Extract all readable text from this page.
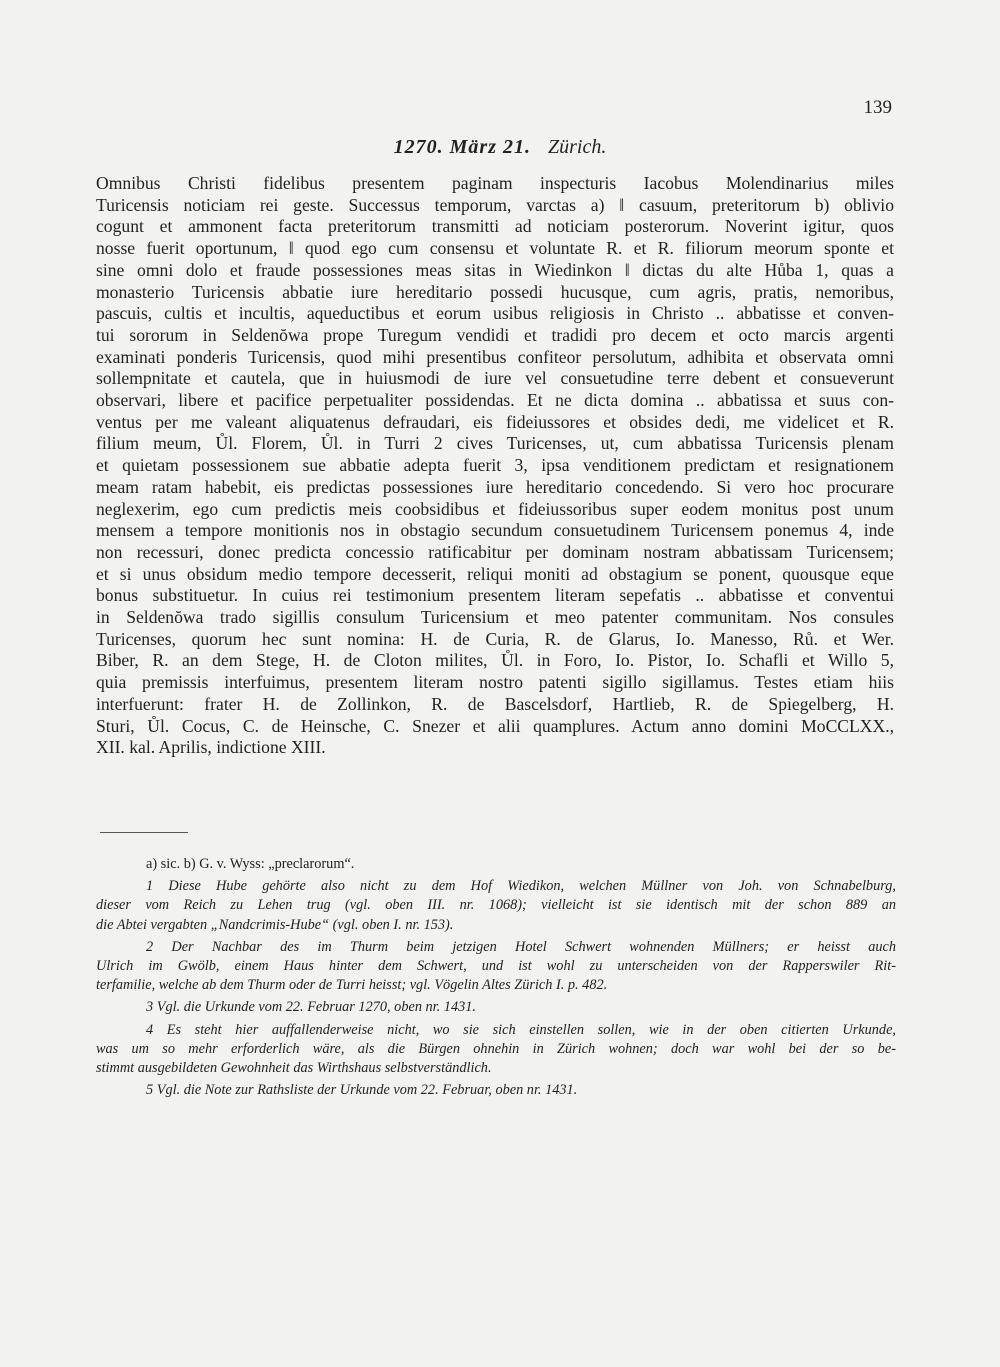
139
1270. März 21. Zürich.
Omnibus Christi fidelibus presentem paginam inspecturis Iacobus Molendinarius miles
Turicensis noticiam rei geste. Successus temporum, varctas a) ‖ casuum, preteritorum b) oblivio
cogunt et ammonent facta preteritorum transmitti ad noticiam posterorum. Noverint igitur, quos
nosse fuerit oportunum, ‖ quod ego cum consensu et voluntate R. et R. filiorum meorum sponte et
sine omni dolo et fraude possessiones meas sitas in Wiedinkon ‖ dictas du alte Hůba 1, quas a
monasterio Turicensis abbatie iure hereditario possedi hucusque, cum agris, pratis, nemoribus,
pascuis, cultis et incultis, aqueductibus et eorum usibus religiosis in Christo .. abbatisse et conven-
tui sororum in Seldenŏwa prope Turegum vendidi et tradidi pro decem et octo marcis argenti
examinati ponderis Turicensis, quod mihi presentibus confiteor persolutum, adhibita et observata omni
sollempnitate et cautela, que in huiusmodi de iure vel consuetudine terre debent et consueverunt
observari, libere et pacifice perpetualiter possidendas. Et ne dicta domina .. abbatissa et suus con-
ventus per me valeant aliquatenus defraudari, eis fideiussores et obsides dedi, me videlicet et R.
filium meum, Ůl. Florem, Ůl. in Turri 2 cives Turicenses, ut, cum abbatissa Turicensis plenam
et quietam possessionem sue abbatie adepta fuerit 3, ipsa venditionem predictam et resignationem
meam ratam habebit, eis predictas possessiones iure hereditario concedendo. Si vero hoc procurare
neglexerim, ego cum predictis meis coobsidibus et fideiussoribus super eodem monitus post unum
mensem a tempore monitionis nos in obstagio secundum consuetudinem Turicensem ponemus 4, inde
non recessuri, donec predicta concessio ratificabitur per dominam nostram abbatissam Turicensem;
et si unus obsidum medio tempore decesserit, reliqui moniti ad obstagium se ponent, quousque eque
bonus substituetur. In cuius rei testimonium presentem literam sepefatis .. abbatisse et conventui
in Seldenŏwa trado sigillis consulum Turicensium et meo patenter communitam. Nos consules
Turicenses, quorum hec sunt nomina: H. de Curia, R. de Glarus, Io. Manesso, Rů. et Wer.
Biber, R. an dem Stege, H. de Cloton milites, Ůl. in Foro, Io. Pistor, Io. Schafli et Willo 5,
quia premissis interfuimus, presentem literam nostro patenti sigillo sigillamus. Testes etiam hiis
interfuerunt: frater H. de Zollinkon, R. de Bascelsdorf, Hartlieb, R. de Spiegelberg, H.
Sturi, Ůl. Cocus, C. de Heinsche, C. Snezer et alii quamplures. Actum anno domini MoCCLXX.,
XII. kal. Aprilis, indictione XIII.
a) sic. b) G. v. Wyss: „preclarorum“.
1 Diese Hube gehörte also nicht zu dem Hof Wiedikon, welchen Müllner von Joh. von Schnabelburg,
dieser vom Reich zu Lehen trug (vgl. oben III. nr. 1068); vielleicht ist sie identisch mit der schon 889 an
die Abtei vergabten „Nandcrimis-Hube“ (vgl. oben I. nr. 153).
2 Der Nachbar des im Thurm beim jetzigen Hotel Schwert wohnenden Müllners; er heisst auch
Ulrich im Gwölb, einem Haus hinter dem Schwert, und ist wohl zu unterscheiden von der Rapperswiler Rit-
terfamilie, welche ab dem Thurm oder de Turri heisst; vgl. Vögelin Altes Zürich I. p. 482.
3 Vgl. die Urkunde vom 22. Februar 1270, oben nr. 1431.
4 Es steht hier auffallenderweise nicht, wo sie sich einstellen sollen, wie in der oben citierten Urkunde,
was um so mehr erforderlich wäre, als die Bürgen ohnehin in Zürich wohnen; doch war wohl bei der so be-
stimmt ausgebildeten Gewohnheit das Wirthshaus selbstverständlich.
5 Vgl. die Note zur Rathsliste der Urkunde vom 22. Februar, oben nr. 1431.
